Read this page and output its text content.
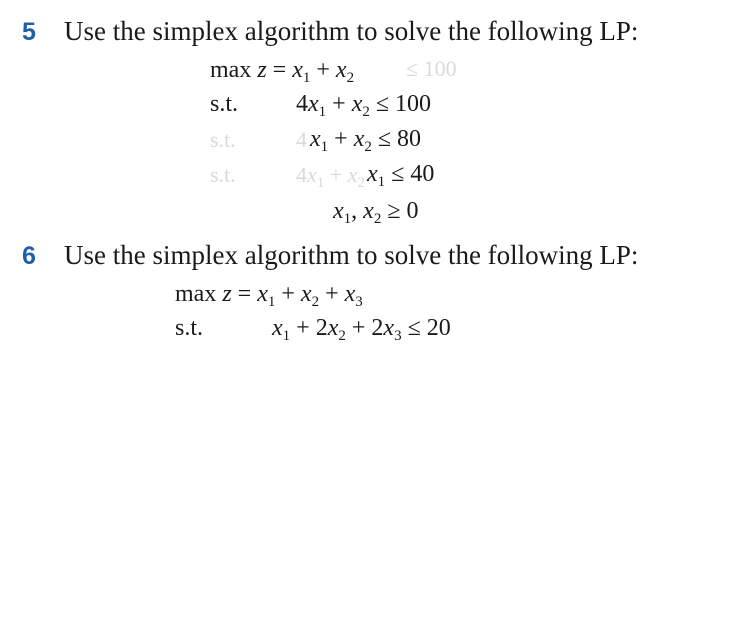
5 Use the simplex algorithm to solve the following LP:
$\max z = x_1 + x_2 \le 100$
s.t.
s.t.
s.t.
$4x_1 + x_2 \le 100$
4 $x_1 + x_2 \le 80$
$4x_1 + x_2$ $x_1 \le 40$
$x_1$, $x_2 \ge 0$
6 Use the simplex algorithm to solve the following LP:
$\max z = x_1 + x_2 + x_3$
s.t.	$x_1 + 2x_2 + 2x_3 \le 20$
